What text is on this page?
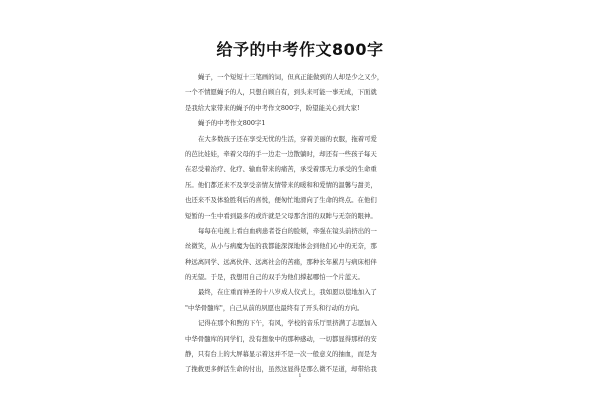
给予的中考作文800字
蝇子，一个短短十三笔画的词，但真正能做到的人却是少之又少，
一个不情愿蝇予的人，只想自顾自有，到头来可能一事无成，下面就
是我给大家带来的蝇予的中考作文800字，盼望能关心到大家!
蝇予的中考作文800字1
在大多数孩子还在享受无忧的生活，穿着美丽的衣服，拖着可爱
的芭比娃娃，牵着父母的手一边走一边散躺时，却还有一些孩子每天
在忍受着治疗、化疗、输血带来的痛苦，承受着那无力承受的生命重
压。他们都还来不及享受亲情友情带来的暖和和爱情的温馨与甜美，
也还来不及体验胜利后的喜悦，便匆忙地滑向了生命的终点。在他们
短暂的一生中看到最多的或许就是父母那含泪的双眸与无奈的眼神。
每每在电视上看白血病患者苍白的脸颊，牵强在镜头前挤出的一
丝微笑，从小与病魔为伍的我都能深深地体会到他们心中的无奈，那
种远离同学、远离伙伴、远离社会的苦痛，那种长年累月与病床相伴
的无望。于是，我想用自己的双手为他们撑起哪怕一个片蓝天。
最终，在庄重而神圣的十八岁成人仪式上，我如愿以偿地加入了
"中华骨髓库"，自己从前的夙愿也最终有了开头和行动的方向。
记得在那个和煦的下午，有风，学校的音乐厅里挤满了志愿加入
中华骨髓库的同学们，没有想象中的那种感动，一切都显得那样的安
静，只有台上的大屏幕显示着这并不是一次一般意义的抽血，而是为
了挽救更多鲜活生命的付出，虽然这显得是那么微不足道，却带给我
1
